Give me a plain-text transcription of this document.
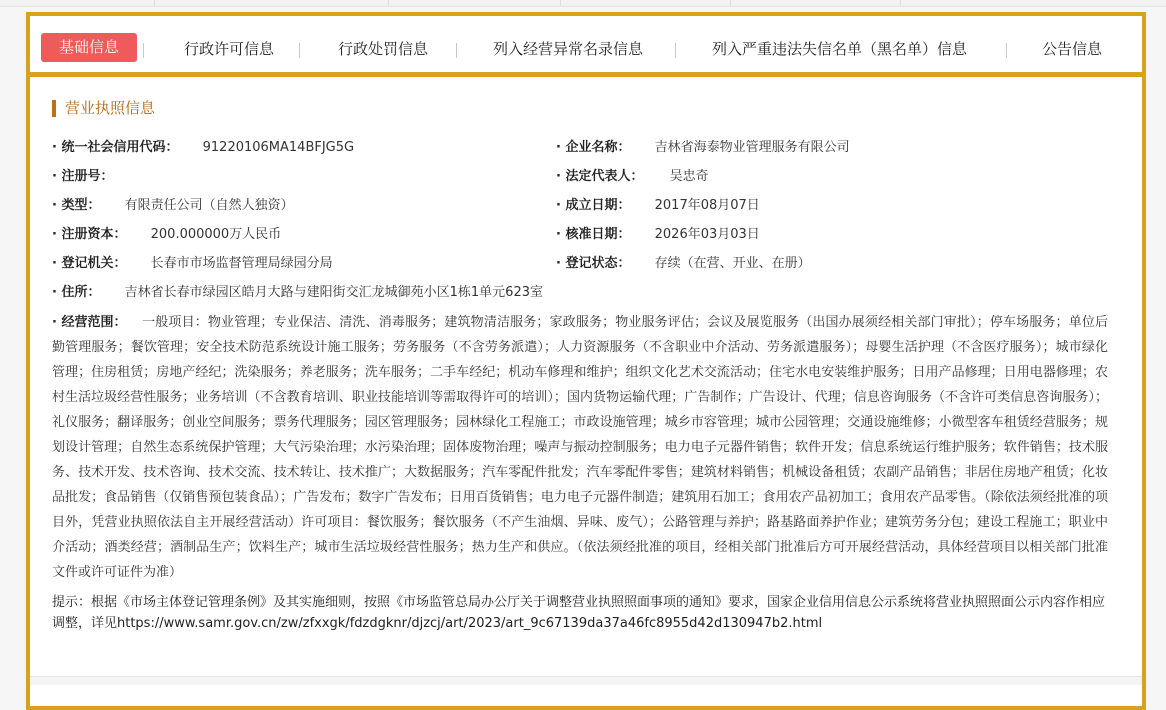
基础信息	行政许可信息	行政处罚信息	列入经营异常名录信息	列入严重违法失信名单（黑名单）信息	公告信息
营业执照信息
· 统一社会信用代码： 91220106MA14BFJG5G	· 企业名称： 吉林省海泰物业管理服务有限公司
· 注册号：	· 法定代表人： 吴忠奇
· 类型： 有限责任公司（自然人独资）	· 成立日期： 2017年08月07日
· 注册资本： 200.000000万人民币	· 核准日期： 2026年03月03日
· 登记机关： 长春市市场监督管理局绿园分局	· 登记状态： 存续（在营、开业、在册）
· 住所： 吉林省长春市绿园区皓月大路与建阳街交汇龙城御苑小区1栋1单元623室
· 经营范围： 一般项目：物业管理；专业保洁、清洗、消毒服务；建筑物清洁服务；家政服务；物业服务评估；会议及展览服务（出国办展须经相关部门审批）；停车场服务；单位后勤管理服务；餐饮管理；安全技术防范系统设计施工服务；劳务服务（不含劳务派遣）；人力资源服务（不含职业中介活动、劳务派遣服务）；母婴生活护理（不含医疗服务）；城市绿化管理；住房租赁；房地产经纪；洗染服务；养老服务；洗车服务；二手车经纪；机动车修理和维护；组织文化艺术交流活动；住宅水电安装维护服务；日用产品修理；日用电器修理；农村生活垃圾经营性服务；业务培训（不含教育培训、职业技能培训等需取得许可的培训）；国内货物运输代理；广告制作；广告设计、代理；信息咨询服务（不含许可类信息咨询服务）；礼仪服务；翻译服务；创业空间服务；票务代理服务；园区管理服务；园林绿化工程施工；市政设施管理；城乡市容管理；城市公园管理；交通设施维修；小微型客车租赁经营服务；规划设计管理；自然生态系统保护管理；大气污染治理；水污染治理；固体废物治理；噪声与振动控制服务；电力电子元器件销售；软件开发；信息系统运行维护服务；软件销售；技术服务、技术开发、技术咨询、技术交流、技术转让、技术推广；大数据服务；汽车零配件批发；汽车零配件零售；建筑材料销售；机械设备租赁；农副产品销售；非居住房地产租赁；化妆品批发；食品销售（仅销售预包装食品）；广告发布；数字广告发布；日用百货销售；电力电子元器件制造；建筑用石加工；食用农产品初加工；食用农产品零售。（除依法须经批准的项目外，凭营业执照依法自主开展经营活动）许可项目：餐饮服务；餐饮服务（不产生油烟、异味、废气）；公路管理与养护；路基路面养护作业；建筑劳务分包；建设工程施工；职业中介活动；酒类经营；酒制品生产；饮料生产；城市生活垃圾经营性服务；热力生产和供应。（依法须经批准的项目，经相关部门批准后方可开展经营活动，具体经营项目以相关部门批准文件或许可证件为准）
提示：根据《市场主体登记管理条例》及其实施细则，按照《市场监管总局办公厅关于调整营业执照照面事项的通知》要求，国家企业信用信息公示系统将营业执照照面公示内容作相应调整，详见https://www.samr.gov.cn/zw/zfxxgk/fdzdgknr/djzcj/art/2023/art_9c67139da37a46fc8955d42d130947b2.html
